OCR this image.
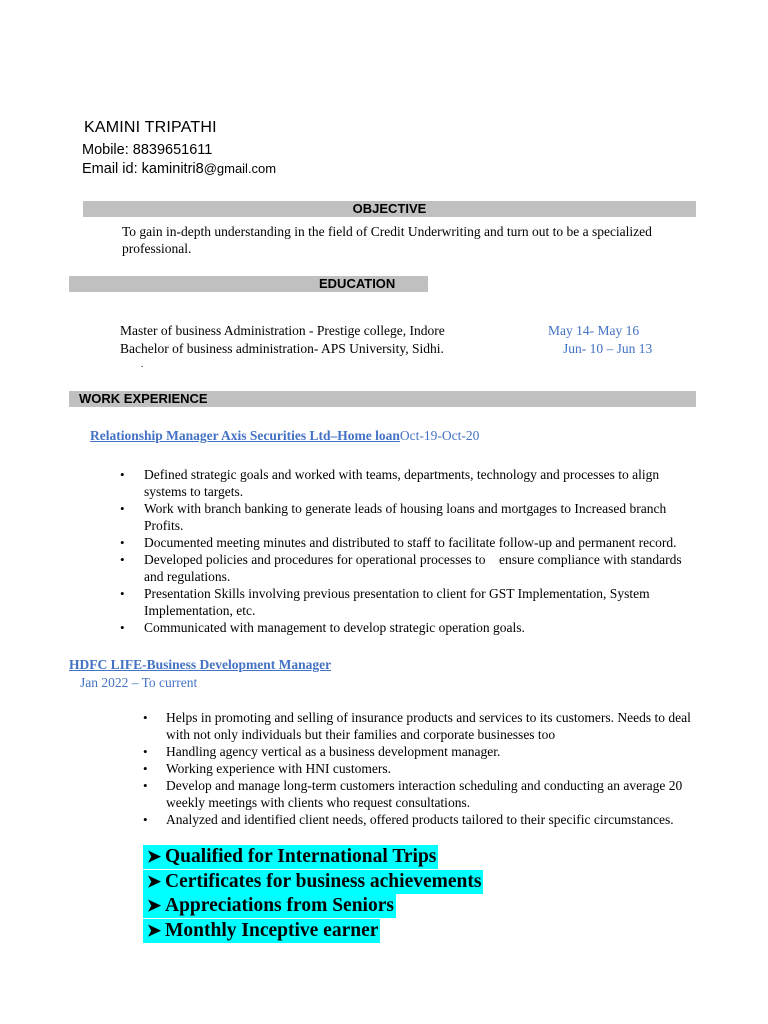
KAMINI TRIPATHI
Mobile: 8839651611
Email id: kaminitri8@gmail.com
OBJECTIVE
To gain in-depth understanding in the field of Credit Underwriting and turn out to be a specialized professional.
EDUCATION
Master of business Administration - Prestige college, Indore	May 14- May 16
Bachelor of business administration- APS University, Sidhi.	Jun- 10 – Jun 13
.
WORK EXPERIENCE
Relationship Manager Axis Securities Ltd–Home loanOct-19-Oct-20
• Defined strategic goals and worked with teams, departments, technology and processes to align systems to targets.
• Work with branch banking to generate leads of housing loans and mortgages to Increased branch Profits.
• Documented meeting minutes and distributed to staff to facilitate follow-up and permanent record.
• Developed policies and procedures for operational processes to    ensure compliance with standards and regulations.
• Presentation Skills involving previous presentation to client for GST Implementation, System Implementation, etc.
• Communicated with management to develop strategic operation goals.
HDFC LIFE-Business Development Manager
Jan 2022 – To current
• Helps in promoting and selling of insurance products and services to its customers. Needs to deal with not only individuals but their families and corporate businesses too
• Handling agency vertical as a business development manager.
• Working experience with HNI customers.
• Develop and manage long-term customers interaction scheduling and conducting an average 20 weekly meetings with clients who request consultations.
• Analyzed and identified client needs, offered products tailored to their specific circumstances.
➤ Qualified for International Trips
➤ Certificates for business achievements
➤ Appreciations from Seniors
➤ Monthly Inceptive earner
